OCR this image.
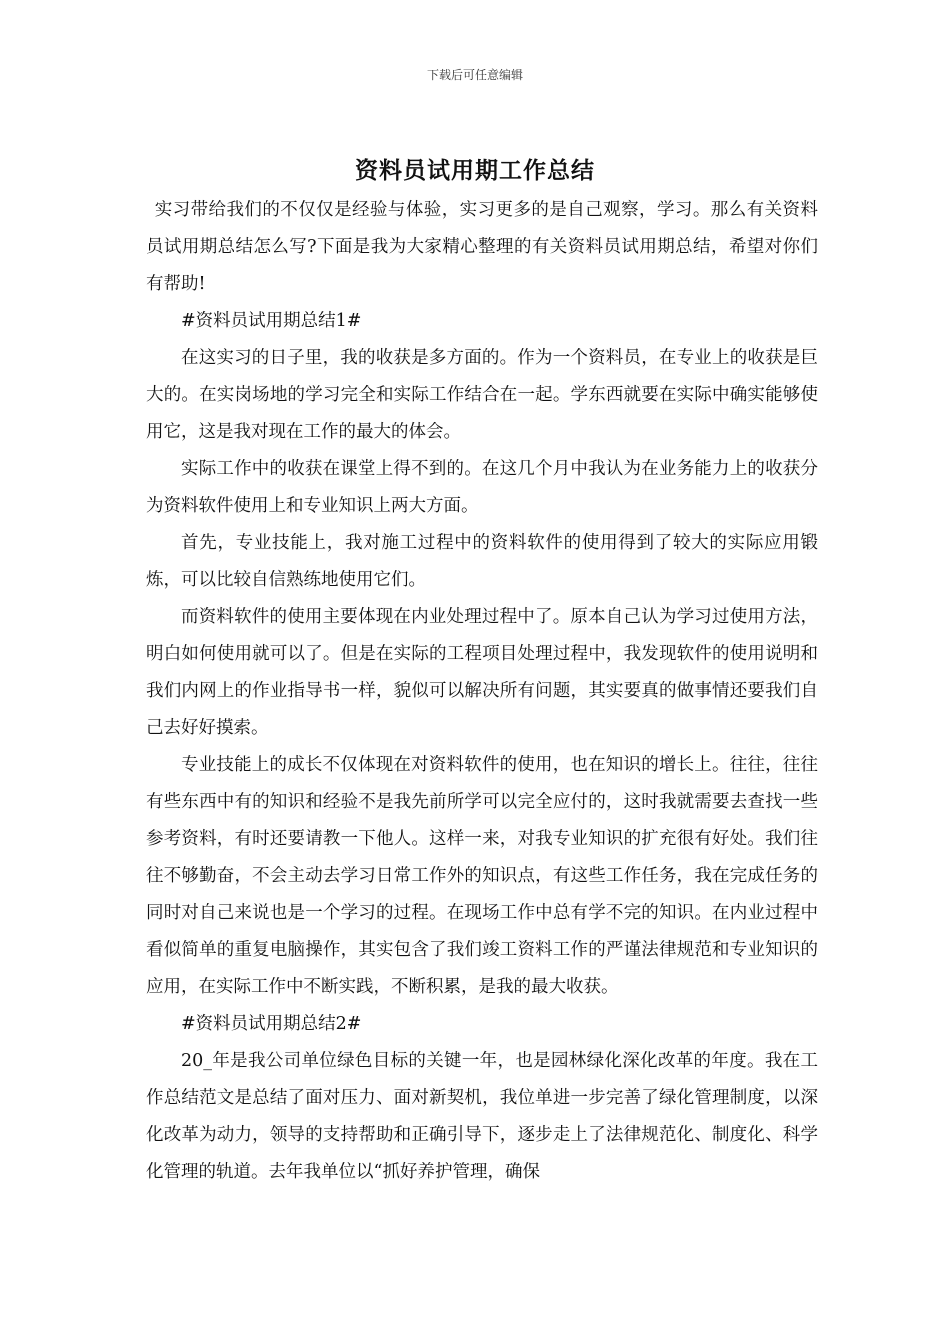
下载后可任意编辑
资料员试用期工作总结

实习带给我们的不仅仅是经验与体验，实习更多的是自己观察，学习。那么有关资料员试用期总结怎么写?下面是我为大家精心整理的有关资料员试用期总结，希望对你们有帮助!

#资料员试用期总结1#

在这实习的日子里，我的收获是多方面的。作为一个资料员，在专业上的收获是巨大的。在实岗场地的学习完全和实际工作结合在一起。学东西就要在实际中确实能够使用它，这是我对现在工作的最大的体会。

实际工作中的收获在课堂上得不到的。在这几个月中我认为在业务能力上的收获分为资料软件使用上和专业知识上两大方面。

首先，专业技能上，我对施工过程中的资料软件的使用得到了较大的实际应用锻炼，可以比较自信熟练地使用它们。

而资料软件的使用主要体现在内业处理过程中了。原本自己认为学习过使用方法，明白如何使用就可以了。但是在实际的工程项目处理过程中，我发现软件的使用说明和我们内网上的作业指导书一样，貌似可以解决所有问题，其实要真的做事情还要我们自己去好好摸索。

专业技能上的成长不仅体现在对资料软件的使用，也在知识的增长上。往往，往往有些东西中有的知识和经验不是我先前所学可以完全应付的，这时我就需要去查找一些参考资料，有时还要请教一下他人。这样一来，对我专业知识的扩充很有好处。我们往往不够勤奋，不会主动去学习日常工作外的知识点，有这些工作任务，我在完成任务的同时对自己来说也是一个学习的过程。在现场工作中总有学不完的知识。在内业过程中看似简单的重复电脑操作，其实包含了我们竣工资料工作的严谨法律规范和专业知识的应用，在实际工作中不断实践，不断积累，是我的最大收获。

#资料员试用期总结2#

20_年是我公司单位绿色目标的关键一年，也是园林绿化深化改革的年度。我在工作总结范文是总结了面对压力、面对新契机，我位单进一步完善了绿化管理制度，以深化改革为动力，领导的支持帮助和正确引导下，逐步走上了法律规范化、制度化、科学化管理的轨道。去年我单位以“抓好养护管理，确保
